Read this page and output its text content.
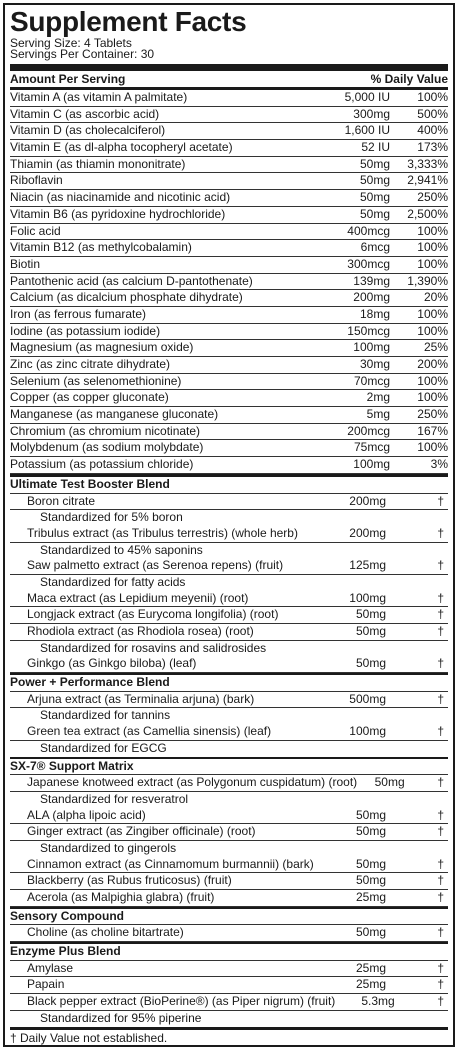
Supplement Facts
Serving Size: 4 Tablets
Servings Per Container: 30
Amount Per Serving	% Daily Value
Vitamin A (as vitamin A palmitate)	5,000 IU	100%
Vitamin C (as ascorbic acid)	300mg	500%
Vitamin D (as cholecalciferol)	1,600 IU	400%
Vitamin E (as dl-alpha tocopheryl acetate)	52 IU	173%
Thiamin (as thiamin mononitrate)	50mg	3,333%
Riboflavin	50mg	2,941%
Niacin (as niacinamide and nicotinic acid)	50mg	250%
Vitamin B6 (as pyridoxine hydrochloride)	50mg	2,500%
Folic acid	400mcg	100%
Vitamin B12 (as methylcobalamin)	6mcg	100%
Biotin	300mcg	100%
Pantothenic acid (as calcium D-pantothenate)	139mg	1,390%
Calcium (as dicalcium phosphate dihydrate)	200mg	20%
Iron (as ferrous fumarate)	18mg	100%
Iodine (as potassium iodide)	150mcg	100%
Magnesium (as magnesium oxide)	100mg	25%
Zinc (as zinc citrate dihydrate)	30mg	200%
Selenium (as selenomethionine)	70mcg	100%
Copper (as copper gluconate)	2mg	100%
Manganese (as manganese gluconate)	5mg	250%
Chromium (as chromium nicotinate)	200mcg	167%
Molybdenum (as sodium molybdate)	75mcg	100%
Potassium (as potassium chloride)	100mg	3%
Ultimate Test Booster Blend
Boron citrate	200mg	†
Standardized for 5% boron
Tribulus extract (as Tribulus terrestris) (whole herb)	200mg	†
Standardized to 45% saponins
Saw palmetto extract (as Serenoa repens) (fruit)	125mg	†
Standardized for fatty acids
Maca extract (as Lepidium meyenii) (root)	100mg	†
Longjack extract (as Eurycoma longifolia) (root)	50mg	†
Rhodiola extract (as Rhodiola rosea) (root)	50mg	†
Standardized for rosavins and salidrosides
Ginkgo (as Ginkgo biloba) (leaf)	50mg	†
Power + Performance Blend
Arjuna extract (as Terminalia arjuna) (bark)	500mg	†
Standardized for tannins
Green tea extract (as Camellia sinensis) (leaf)	100mg	†
Standardized for EGCG
SX-7® Support Matrix
Japanese knotweed extract (as Polygonum cuspidatum) (root)	50mg	†
Standardized for resveratrol
ALA (alpha lipoic acid)	50mg	†
Ginger extract (as Zingiber officinale) (root)	50mg	†
Standardized to gingerols
Cinnamon extract (as Cinnamomum burmannii) (bark)	50mg	†
Blackberry (as Rubus fruticosus) (fruit)	50mg	†
Acerola (as Malpighia glabra) (fruit)	25mg	†
Sensory Compound
Choline (as choline bitartrate)	50mg	†
Enzyme Plus Blend
Amylase	25mg	†
Papain	25mg	†
Black pepper extract (BioPerine®) (as Piper nigrum) (fruit)	5.3mg	†
Standardized for 95% piperine
† Daily Value not established.
